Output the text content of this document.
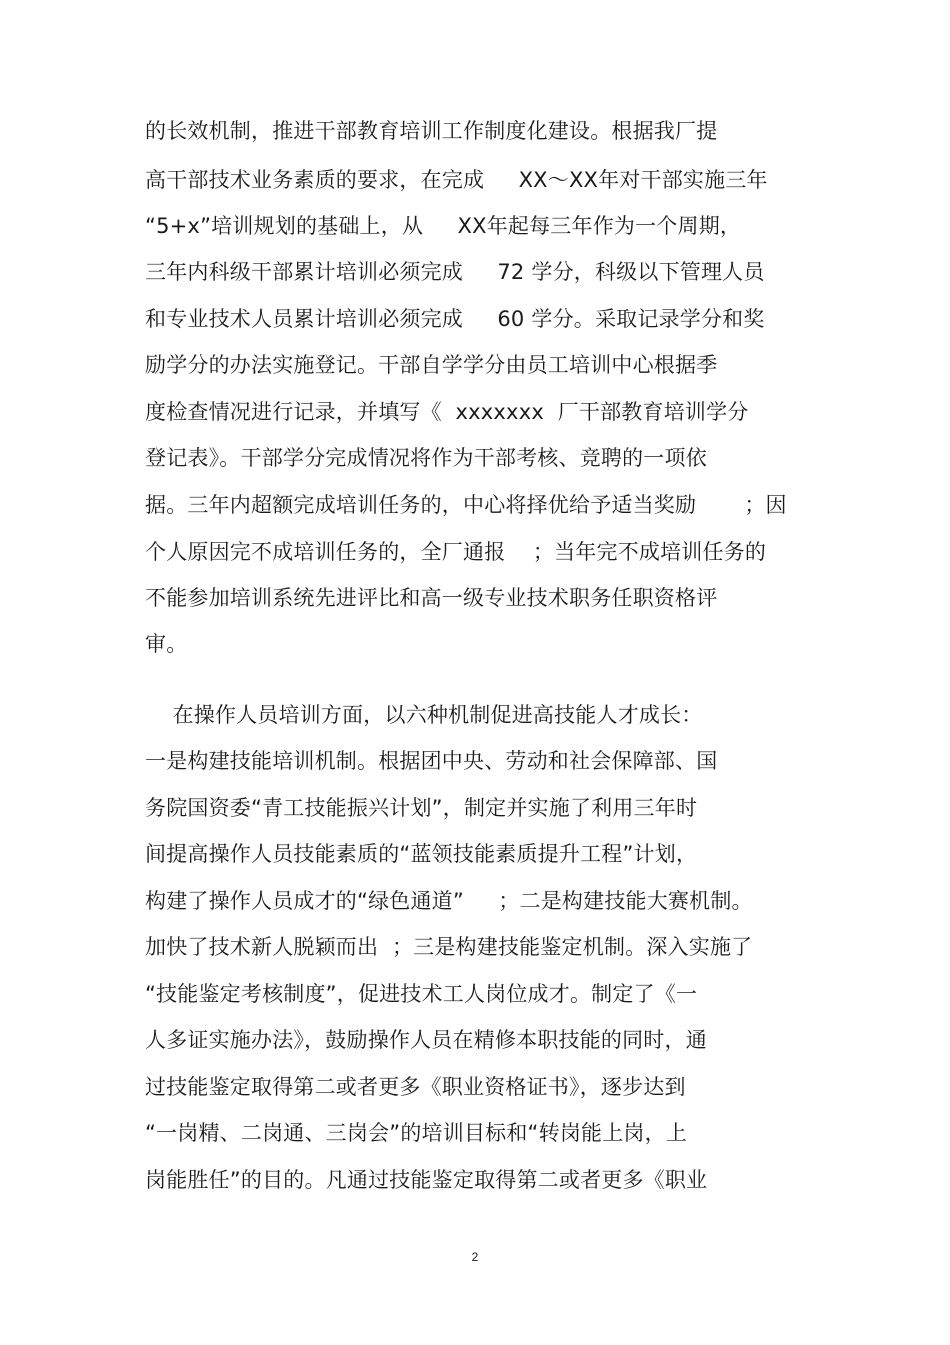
的长效机制，推进干部教育培训工作制度化建设。根据我厂提
高干部技术业务素质的要求，在完成     XX～XX年对干部实施三年
“5+x”培训规划的基础上，从     XX年起每三年作为一个周期，
三年内科级干部累计培训必须完成     72 学分，科级以下管理人员
和专业技术人员累计培训必须完成     60 学分。采取记录学分和奖
励学分的办法实施登记。干部自学学分由员工培训中心根据季
度检查情况进行记录，并填写《  xxxxxxx  厂干部教育培训学分
登记表》。干部学分完成情况将作为干部考核、竞聘的一项依
据。三年内超额完成培训任务的，中心将择优给予适当奖励       ；因
个人原因完不成培训任务的，全厂通报    ；当年完不成培训任务的
不能参加培训系统先进评比和高一级专业技术职务任职资格评
审。
在操作人员培训方面，以六种机制促进高技能人才成长：
一是构建技能培训机制。根据团中央、劳动和社会保障部、国
务院国资委“青工技能振兴计划”，制定并实施了利用三年时
间提高操作人员技能素质的“蓝领技能素质提升工程”计划，
构建了操作人员成才的“绿色通道”     ；二是构建技能大赛机制。
加快了技术新人脱颖而出  ；三是构建技能鉴定机制。深入实施了
“技能鉴定考核制度”，促进技术工人岗位成才。制定了《一
人多证实施办法》，鼓励操作人员在精修本职技能的同时，通
过技能鉴定取得第二或者更多《职业资格证书》，逐步达到
“一岗精、二岗通、三岗会”的培训目标和“转岗能上岗，上
岗能胜任”的目的。凡通过技能鉴定取得第二或者更多《职业
2
